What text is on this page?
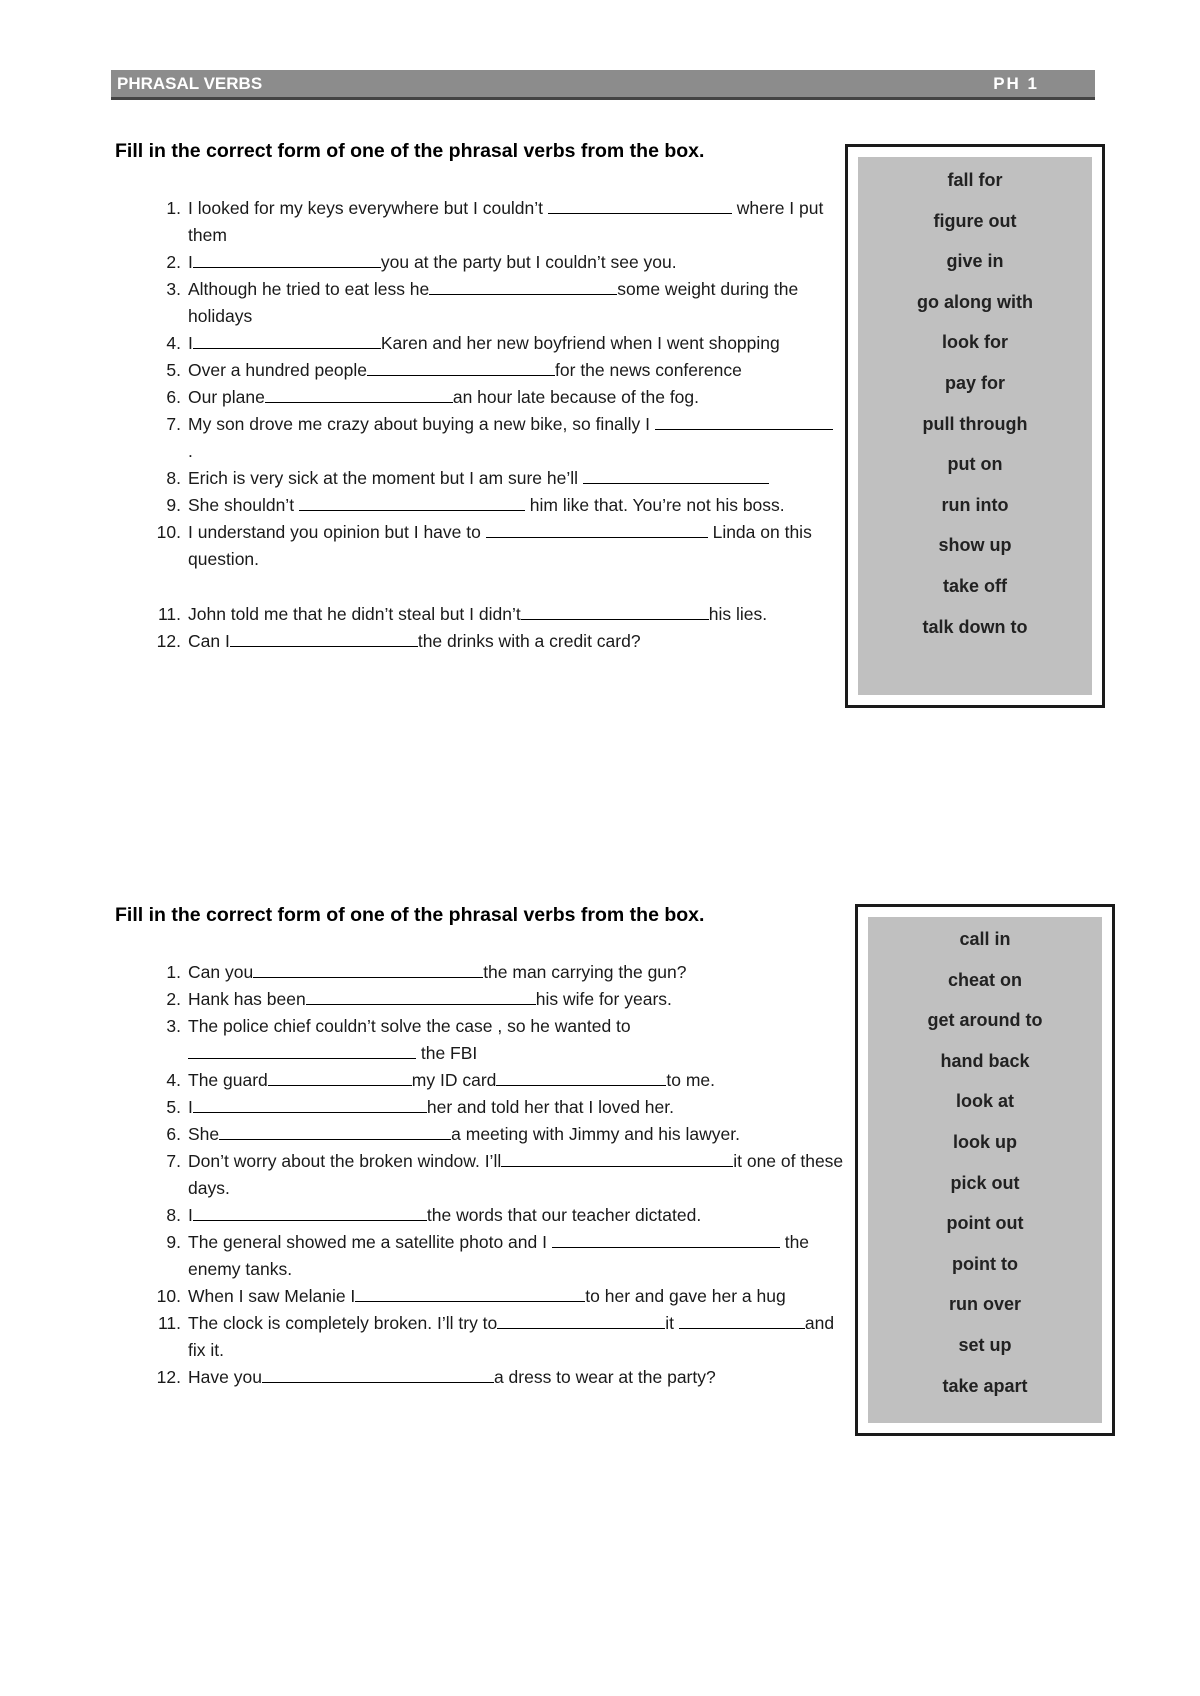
PHRASAL VERBS	PH 1
Fill in the correct form of one of the phrasal verbs from the box.
1. I looked for my keys everywhere but I couldn’t	where I put them
2. I	you at the party but I couldn’t see you.
3. Although he tried to eat less he	some weight during the holidays
4. I	Karen and her new boyfriend when I went shopping
5. Over a hundred people	for the news conference
6. Our plane	an hour late because of the fog.
7. My son drove me crazy about buying a new bike, so finally I .
8. Erich is very sick at the moment but I am sure he’ll
9. She shouldn’t	him like that. You’re not his boss.
10. I understand you opinion but I have to	Linda on this question.
11. John told me that he didn’t steal but I didn’t	his lies.
12. Can I	the drinks with a credit card?
fall for
figure out
give in
go along with
look for
pay for
pull through
put on
run into
show up
take off
talk down to
Fill in the correct form of one of the phrasal verbs from the box.
1. Can you	the man carrying the gun?
2. Hank has been	his wife for years.
3. The police chief couldn’t solve the case , so he wanted to  the FBI
4. The guard	my ID card	to me.
5. I	her and told her that I loved her.
6. She	a meeting with Jimmy and his lawyer.
7. Don’t worry about the broken window. I’ll	it one of these days.
8. I	the words that our teacher dictated.
9. The general showed me a satellite photo and I	the enemy tanks.
10. When I saw Melanie I	to her and gave her a hug
11. The clock is completely broken. I’ll try to	it	and fix it.
12. Have you	a dress to wear at the party?
call in
cheat on
get around to
hand back
look at
look up
pick out
point out
point to
run over
set up
take apart
